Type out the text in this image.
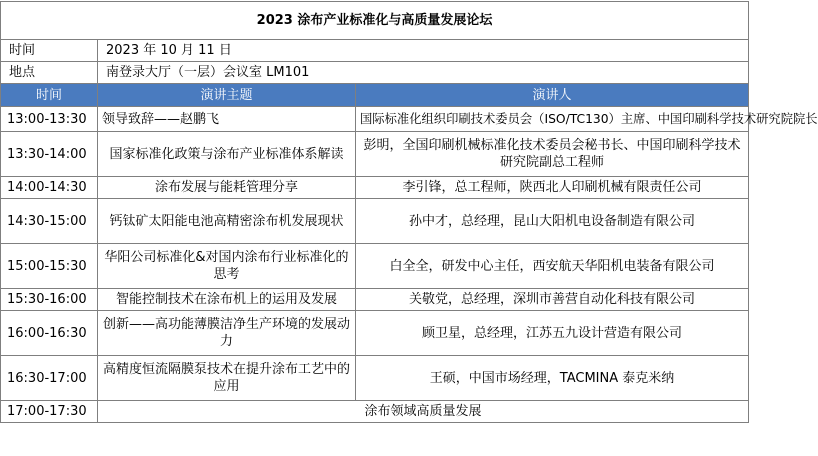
2023 涂布产业标准化与高质量发展论坛		
时间	2023 年 10 月 11 日	
地点	南登录大厅（一层）会议室 LM101	
时间	演讲主题	演讲人
13:00-13:30	领导致辞——赵鹏飞	国际标准化组织印刷技术委员会（ISO/TC130）主席、中国印刷科学技术研究院院长
13:30-14:00	国家标准化政策与涂布产业标准体系解读	彭明，全国印刷机械标准化技术委员会秘书长、中国印刷科学技术研究院副总工程师
14:00-14:30	涂布发展与能耗管理分享	李引锋，总工程师，陕西北人印刷机械有限责任公司
14:30-15:00	钙钛矿太阳能电池高精密涂布机发展现状	孙中才，总经理，昆山大阳机电设备制造有限公司
15:00-15:30	华阳公司标准化&对国内涂布行业标准化的思考	白全全，研发中心主任，西安航天华阳机电装备有限公司
15:30-16:00	智能控制技术在涂布机上的运用及发展	关敬党，总经理，深圳市善营自动化科技有限公司
16:00-16:30	创新——高功能薄膜洁净生产环境的发展动力	顾卫星，总经理，江苏五九设计营造有限公司
16:30-17:00	高精度恒流隔膜泵技术在提升涂布工艺中的应用	王硕，中国市场经理，TACMINA 泰克米纳
17:00-17:30	涂布领域高质量发展	
